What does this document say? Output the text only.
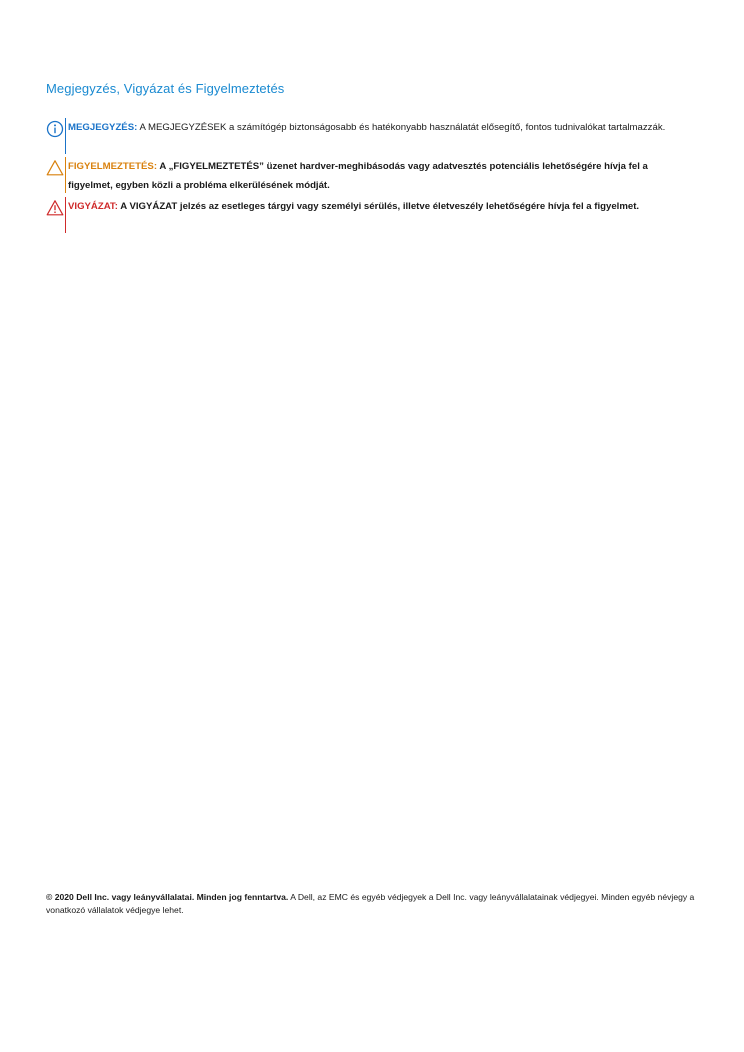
Megjegyzés, Vigyázat és Figyelmeztetés
MEGJEGYZÉS: A MEGJEGYZÉSEK a számítógép biztonságosabb és hatékonyabb használatát elősegítő, fontos tudnivalókat tartalmazzák.
FIGYELMEZTETÉS: A „FIGYELMEZTETÉS” üzenet hardver-meghibásodás vagy adatvesztés potenciális lehetőségére hívja fel a figyelmet, egyben közli a probléma elkerülésének módját.
VIGYÁZAT: A VIGYÁZAT jelzés az esetleges tárgyi vagy személyi sérülés, illetve életveszély lehetőségére hívja fel a figyelmet.
© 2020 Dell Inc. vagy leányvállalatai. Minden jog fenntartva. A Dell, az EMC és egyéb védjegyek a Dell Inc. vagy leányvállalatainak védjegyei. Minden egyéb névjegy a vonatkozó vállalatok védjegye lehet.
